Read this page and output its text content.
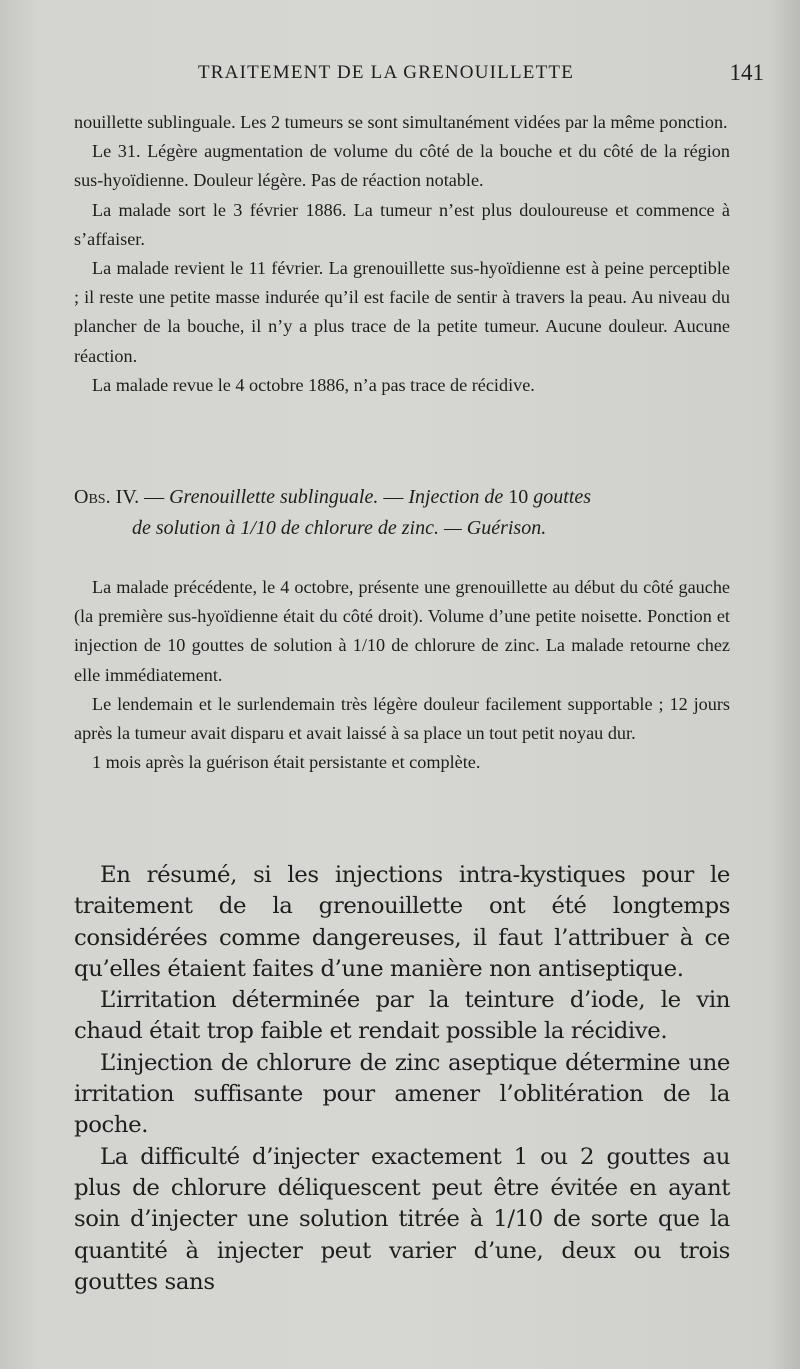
TRAITEMENT DE LA GRENOUILLETTE	141

nouillette sublinguale. Les 2 tumeurs se sont simultanément vidées par la même ponction.

Le 31. Légère augmentation de volume du côté de la bouche et du côté de la région sus-hyoïdienne. Douleur légère. Pas de réaction notable.

La malade sort le 3 février 1886. La tumeur n’est plus douloureuse et commence à s’affaiser.

La malade revient le 11 février. La grenouillette sus-hyoïdienne est à peine perceptible ; il reste une petite masse indurée qu’il est facile de sentir à travers la peau. Au niveau du plancher de la bouche, il n’y a plus trace de la petite tumeur. Aucune douleur. Aucune réaction.

La malade revue le 4 octobre 1886, n’a pas trace de récidive.

Obs. IV. — Grenouillette sublinguale. — Injection de 10 gouttes

de solution à 1/10 de chlorure de zinc. — Guérison.

La malade précédente, le 4 octobre, présente une grenouillette au début du côté gauche (la première sus-hyoïdienne était du côté droit). Volume d’une petite noisette. Ponction et injection de 10 gouttes de solution à 1/10 de chlorure de zinc. La malade retourne chez elle immédiatement.

Le lendemain et le surlendemain très légère douleur facilement supportable ; 12 jours après la tumeur avait disparu et avait laissé à sa place un tout petit noyau dur.

1 mois après la guérison était persistante et complète.

En résumé, si les injections intra-kystiques pour le traitement de la grenouillette ont été longtemps considérées comme dangereuses, il faut l’attribuer à ce qu’elles étaient faites d’une manière non antiseptique.

L’irritation déterminée par la teinture d’iode, le vin chaud était trop faible et rendait possible la récidive.

L’injection de chlorure de zinc aseptique détermine une irritation suffisante pour amener l’oblitération de la poche.

La difficulté d’injecter exactement 1 ou 2 gouttes au plus de chlorure déliquescent peut être évitée en ayant soin d’injecter une solution titrée à 1/10 de sorte que la quantité à injecter peut varier d’une, deux ou trois gouttes sans
